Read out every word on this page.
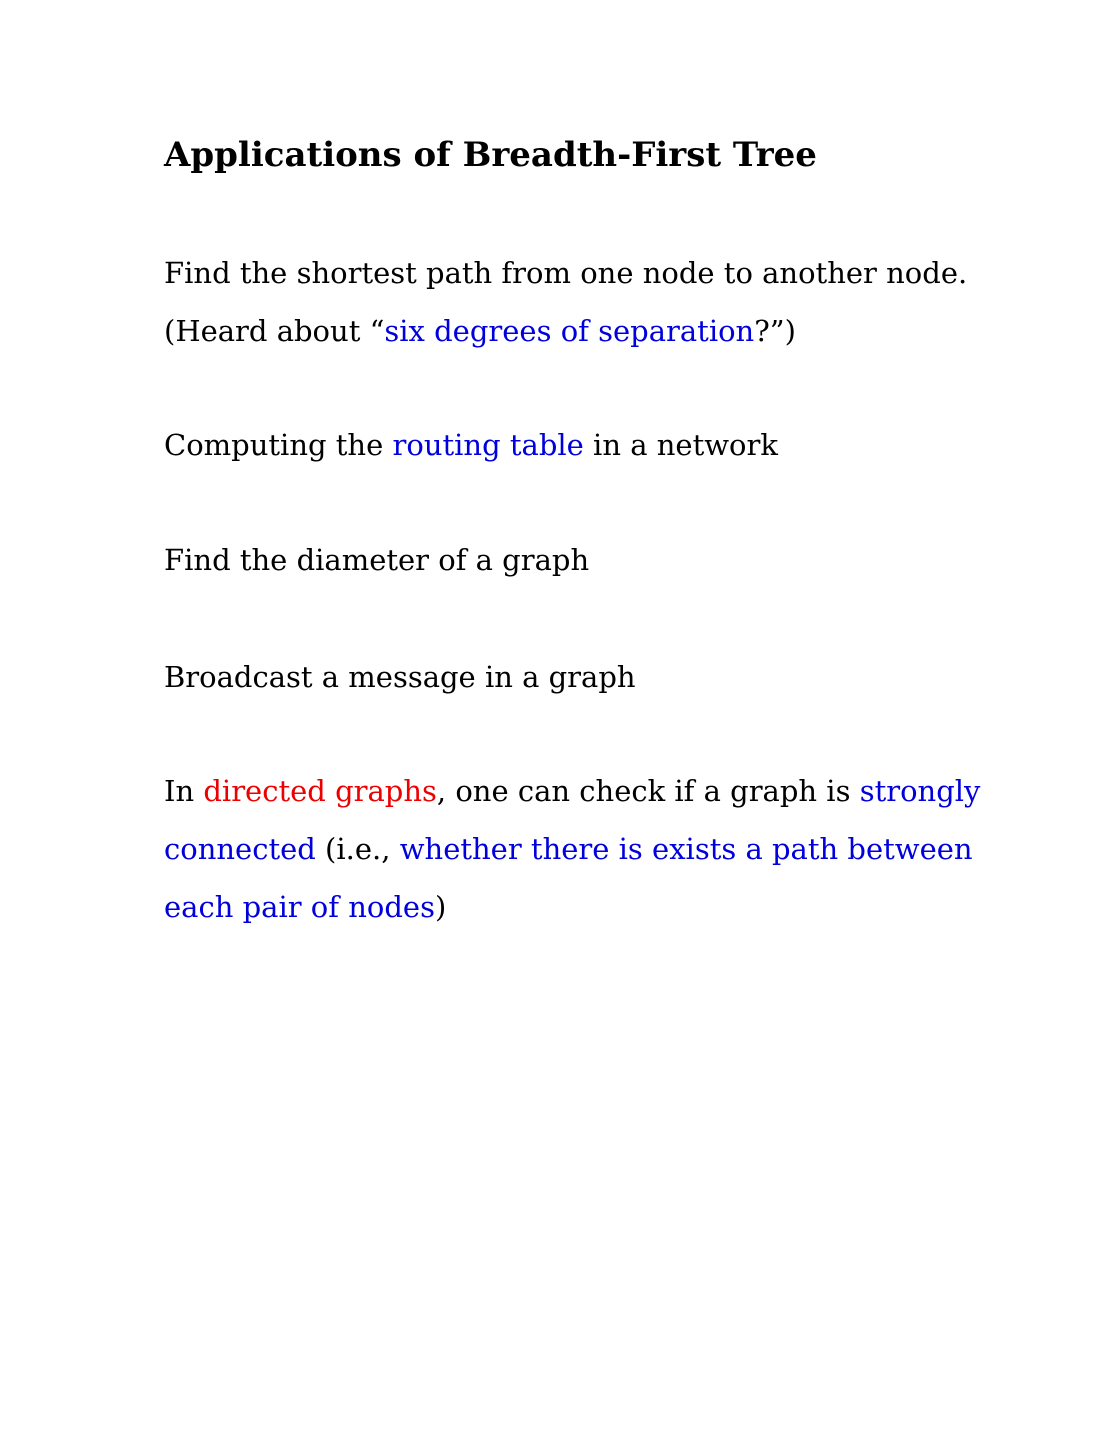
Applications of Breadth-First Tree

Find the shortest path from one node to another node.
(Heard about “six degrees of separation?”)

Computing the routing table in a network

Find the diameter of a graph

Broadcast a message in a graph

In directed graphs, one can check if a graph is strongly connected (i.e., whether there is exists a path between each pair of nodes)
